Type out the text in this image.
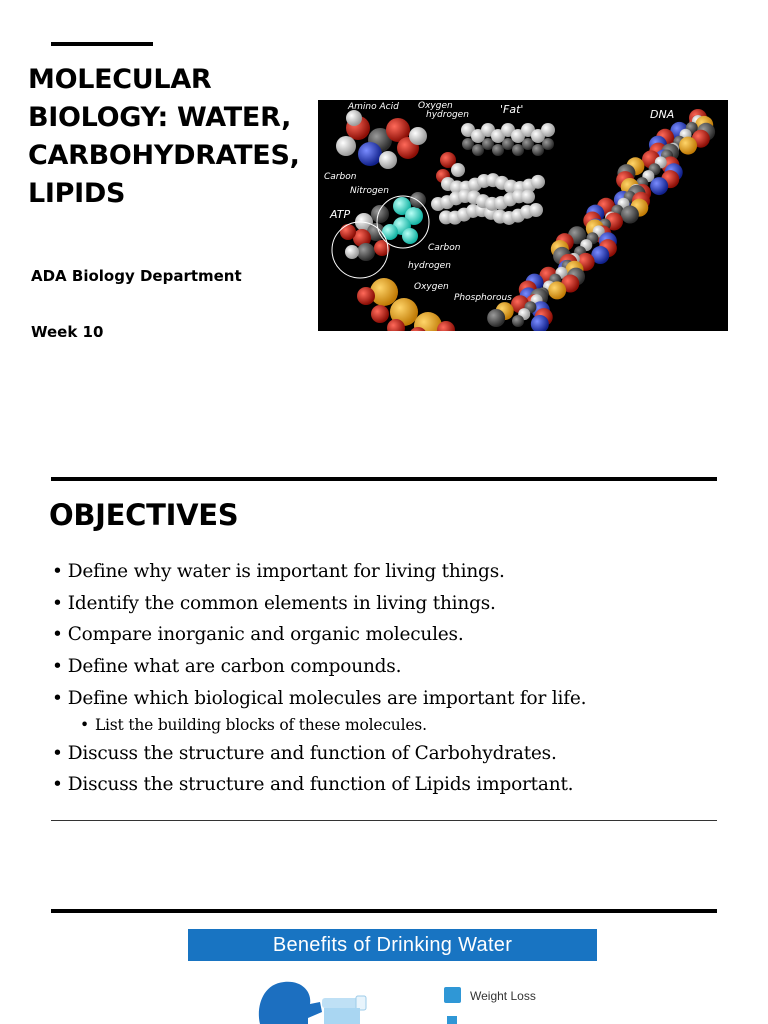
MOLECULAR
BIOLOGY: WATER,
CARBOHYDRATES,
LIPIDS
ADA Biology Department
Week 10
Amino Acid Oxygen
hydrogen	'Fat'	DNA
Carbon
Nitrogen
ATP
Carbon
hydrogen
Oxygen
Phosphorous
OBJECTIVES
• Define why water is important for living things.
• Identify the common elements in living things.
• Compare inorganic and organic molecules.
• Define what are carbon compounds.
• Define which biological molecules are important for life.
• List the building blocks of these molecules.
• Discuss the structure and function of Carbohydrates.
• Discuss the structure and function of Lipids important.
Benefits of Drinking Water
Weight Loss
